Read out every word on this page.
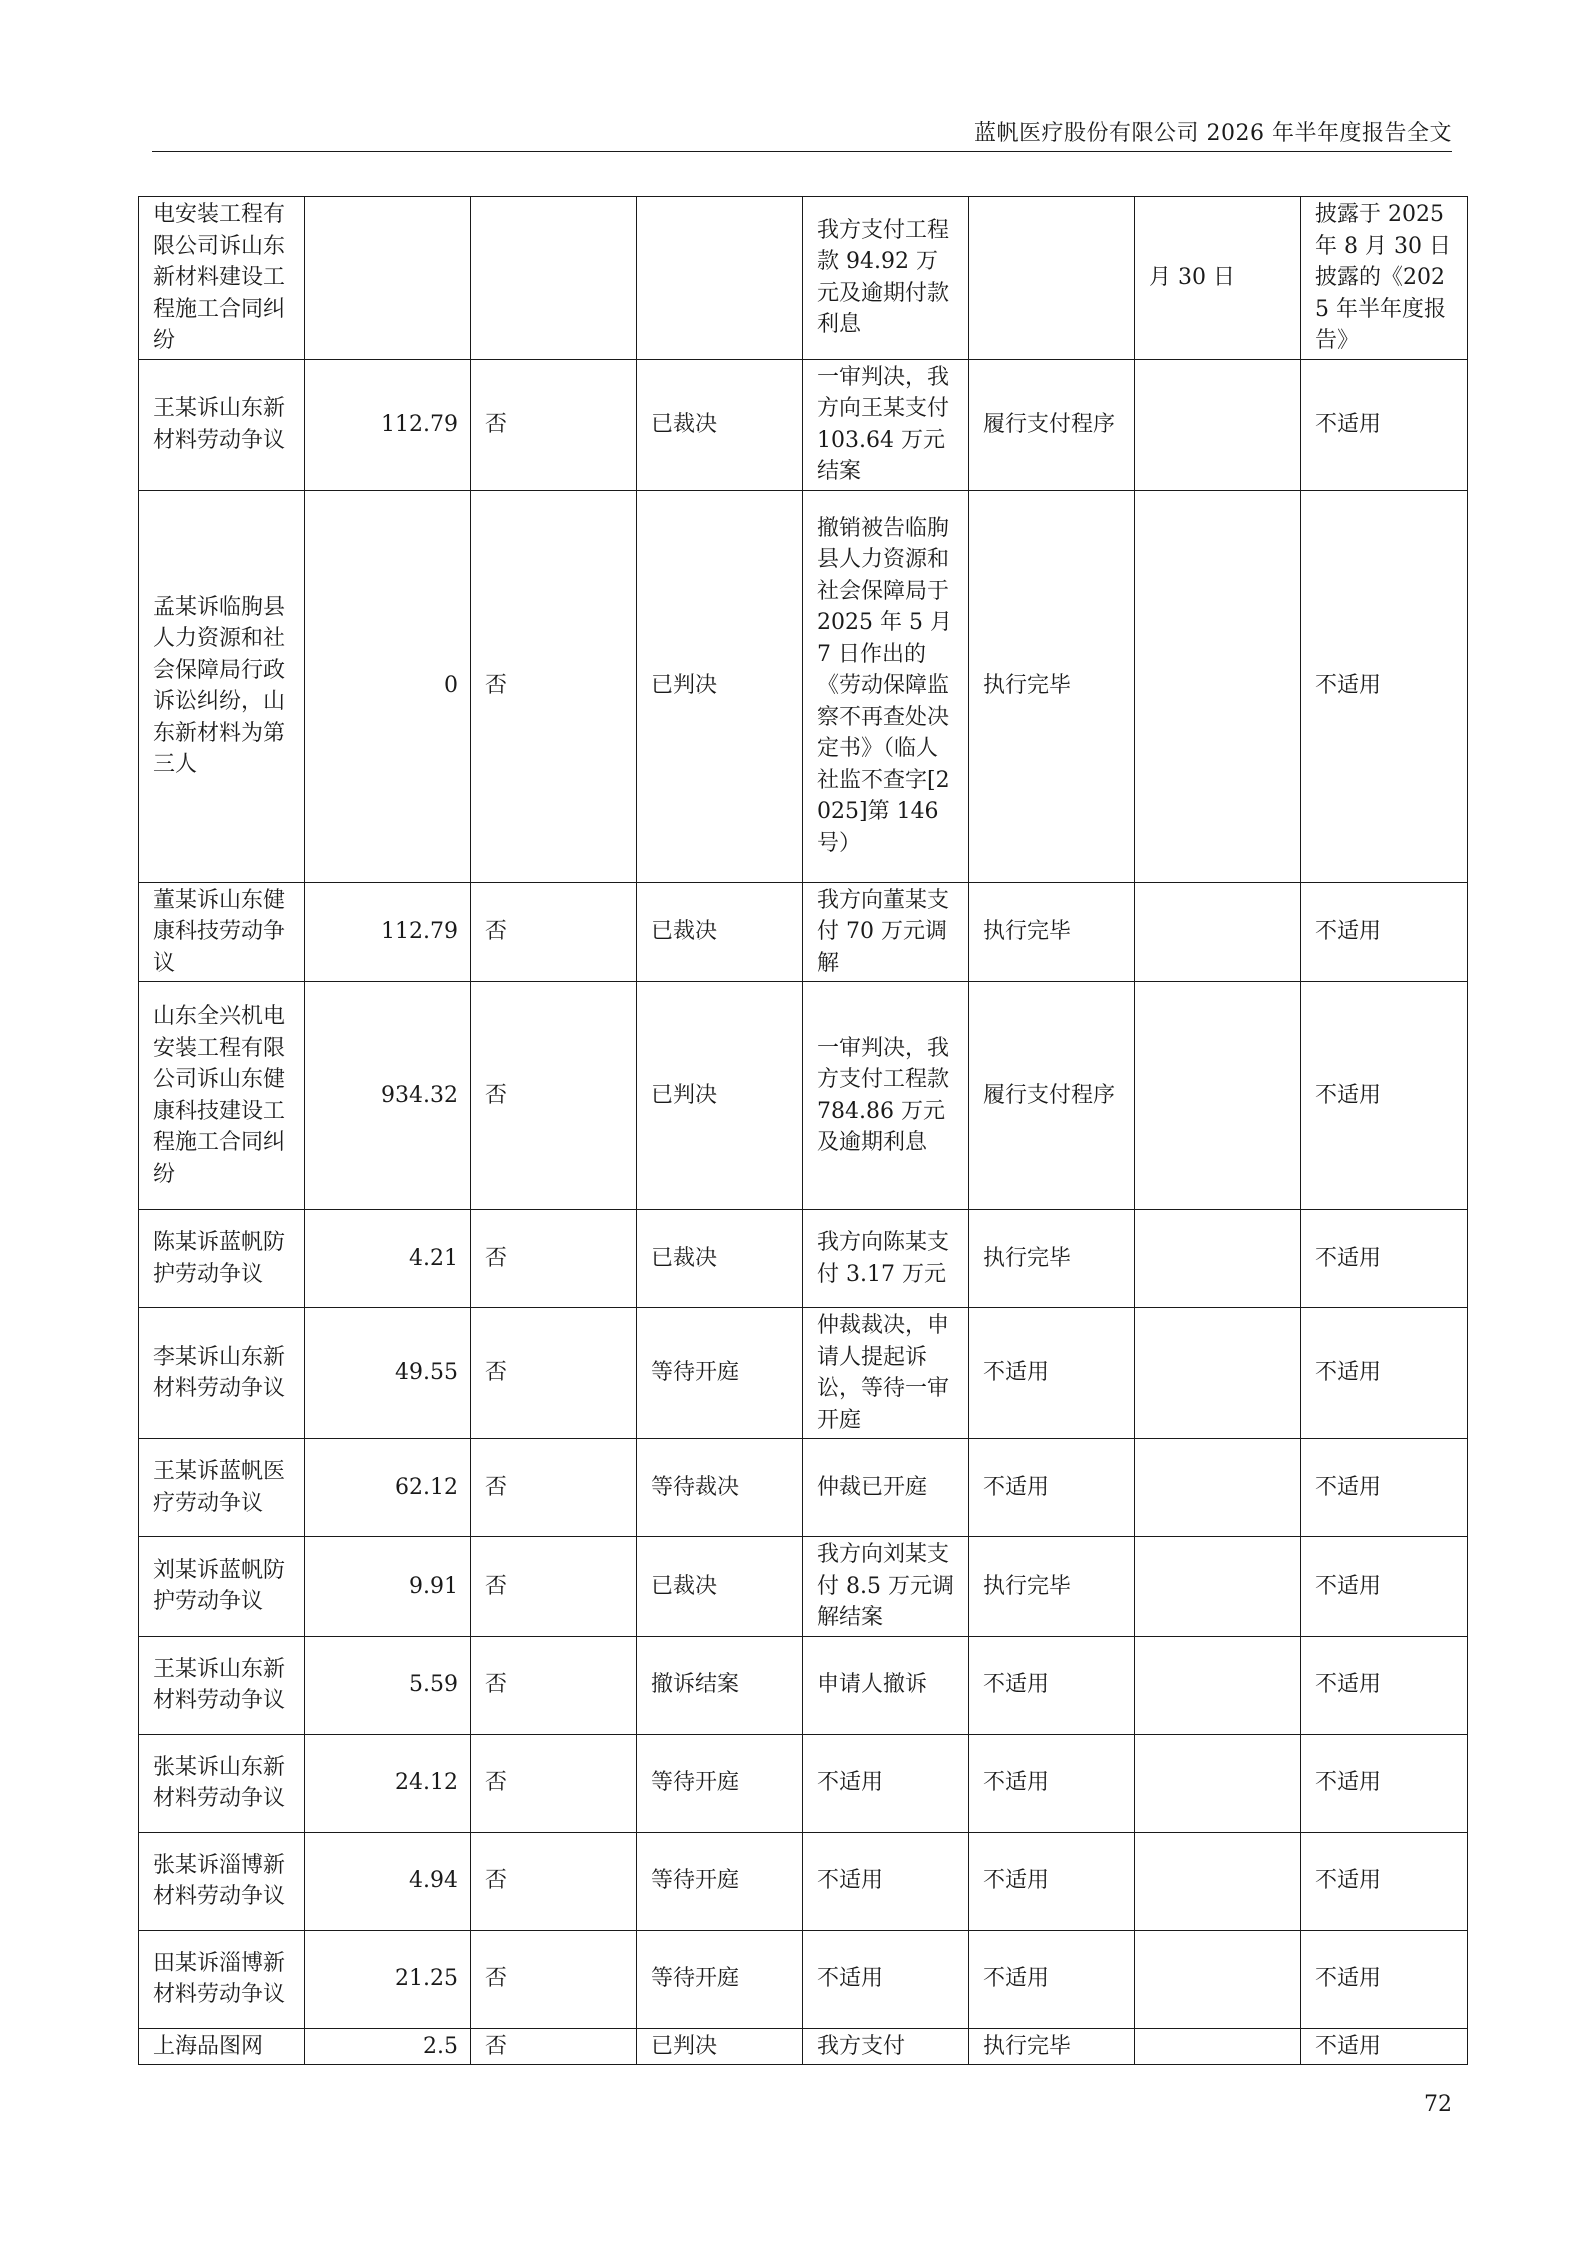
蓝帆医疗股份有限公司 2026 年半年度报告全文
电安装工程有限公司诉山东新材料建设工程施工合同纠纷				我方支付工程款 94.92 万元及逾期付款利息		月 30 日	披露于 2025 年 8 月 30 日披露的《2025 年半年度报告》
王某诉山东新材料劳动争议	112.79	否	已裁决	一审判决，我方向王某支付 103.64 万元结案	履行支付程序		不适用
孟某诉临朐县人力资源和社会保障局行政诉讼纠纷，山东新材料为第三人	0	否	已判决	撤销被告临朐县人力资源和社会保障局于 2025 年 5 月 7 日作出的《劳动保障监察不再查处决定书》（临人社监不查字[2025]第 146 号）	执行完毕		不适用
董某诉山东健康科技劳动争议	112.79	否	已裁决	我方向董某支付 70 万元调解	执行完毕		不适用
山东全兴机电安装工程有限公司诉山东健康科技建设工程施工合同纠纷	934.32	否	已判决	一审判决，我方支付工程款 784.86 万元及逾期利息	履行支付程序		不适用
陈某诉蓝帆防护劳动争议	4.21	否	已裁决	我方向陈某支付 3.17 万元	执行完毕		不适用
李某诉山东新材料劳动争议	49.55	否	等待开庭	仲裁裁决，申请人提起诉讼，等待一审开庭	不适用		不适用
王某诉蓝帆医疗劳动争议	62.12	否	等待裁决	仲裁已开庭	不适用		不适用
刘某诉蓝帆防护劳动争议	9.91	否	已裁决	我方向刘某支付 8.5 万元调解结案	执行完毕		不适用
王某诉山东新材料劳动争议	5.59	否	撤诉结案	申请人撤诉	不适用		不适用
张某诉山东新材料劳动争议	24.12	否	等待开庭	不适用	不适用		不适用
张某诉淄博新材料劳动争议	4.94	否	等待开庭	不适用	不适用		不适用
田某诉淄博新材料劳动争议	21.25	否	等待开庭	不适用	不适用		不适用
上海品图网	2.5	否	已判决	我方支付	执行完毕		不适用
72
